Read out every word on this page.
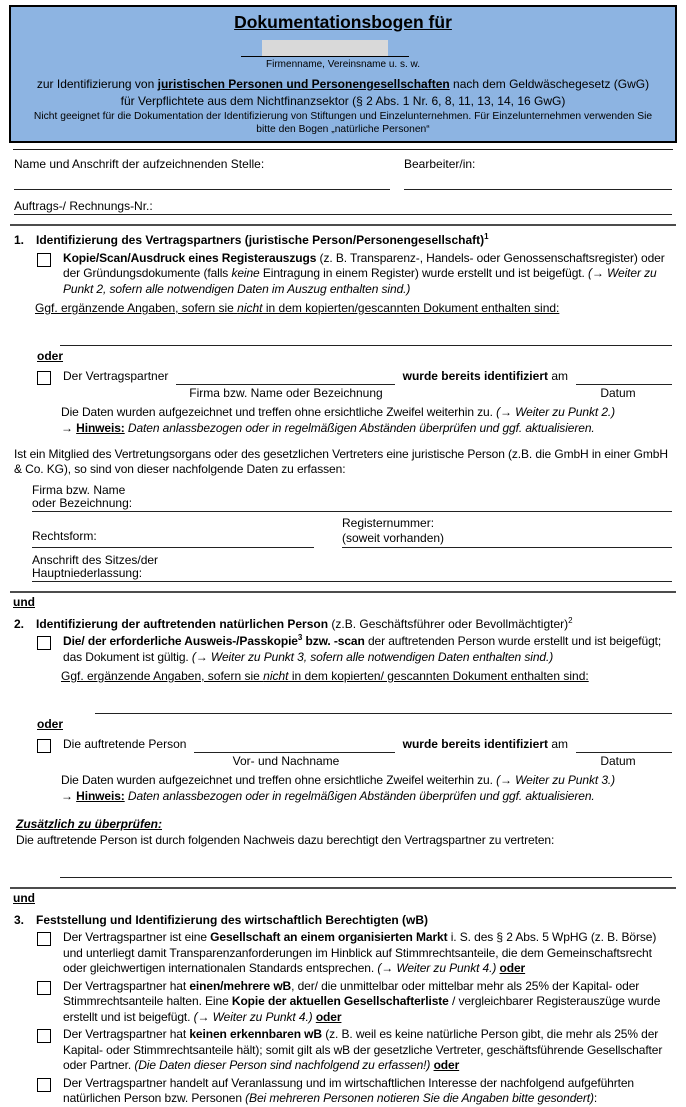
Dokumentationsbogen für
Firmenname, Vereinsname u. s. w.
zur Identifizierung von juristischen Personen und Personengesellschaften nach dem Geldwäschegesetz (GwG)
für Verpflichtete aus dem Nichtfinanzsektor (§ 2 Abs. 1 Nr. 6, 8, 11, 13, 14, 16 GwG)
Nicht geeignet für die Dokumentation der Identifizierung von Stiftungen und Einzelunternehmen. Für Einzelunternehmen verwenden Sie bitte den Bogen „natürliche Personen“
Name und Anschrift der aufzeichnenden Stelle:	Bearbeiter/in:
Auftrags-/ Rechnungs-Nr.:
1. Identifizierung des Vertragspartners (juristische Person/Personengesellschaft)$^1$
Kopie/Scan/Ausdruck eines Registerauszugs (z. B. Transparenz-, Handels- oder Genossenschaftsregister) oder der Gründungsdokumente (falls keine Eintragung in einem Register) wurde erstellt und ist beigefügt. (→ Weiter zu Punkt 2, sofern alle notwendigen Daten im Auszug enthalten sind.)
Ggf. ergänzende Angaben, sofern sie nicht in dem kopierten/gescannten Dokument enthalten sind:
oder
Der Vertragspartner	wurde bereits identifiziert am
Firma bzw. Name oder Bezeichnung	Datum
Die Daten wurden aufgezeichnet und treffen ohne ersichtliche Zweifel weiterhin zu. (→ Weiter zu Punkt 2.)
→ Hinweis: Daten anlassbezogen oder in regelmäßigen Abständen überprüfen und ggf. aktualisieren.
Ist ein Mitglied des Vertretungsorgans oder des gesetzlichen Vertreters eine juristische Person (z.B. die GmbH in einer GmbH & Co. KG), so sind von dieser nachfolgende Daten zu erfassen:
Firma bzw. Name
oder Bezeichnung:
Rechtsform:
Registernummer:
(soweit vorhanden)
Anschrift des Sitzes/der
Hauptniederlassung:
und
2. Identifizierung der auftretenden natürlichen Person (z.B. Geschäftsführer oder Bevollmächtigter)$^2$
Die/ der erforderliche Ausweis-/Passkopie$^3$ bzw. -scan der auftretenden Person wurde erstellt und ist beigefügt; das Dokument ist gültig. (→ Weiter zu Punkt 3, sofern alle notwendigen Daten enthalten sind.)
Ggf. ergänzende Angaben, sofern sie nicht in dem kopierten/ gescannten Dokument enthalten sind:
oder
Die auftretende Person	wurde bereits identifiziert am
Vor- und Nachname	Datum
Die Daten wurden aufgezeichnet und treffen ohne ersichtliche Zweifel weiterhin zu. (→ Weiter zu Punkt 3.)
→ Hinweis: Daten anlassbezogen oder in regelmäßigen Abständen überprüfen und ggf. aktualisieren.
Zusätzlich zu überprüfen:
Die auftretende Person ist durch folgenden Nachweis dazu berechtigt den Vertragspartner zu vertreten:
und
3. Feststellung und Identifizierung des wirtschaftlich Berechtigten (wB)
Der Vertragspartner ist eine Gesellschaft an einem organisierten Markt i. S. des § 2 Abs. 5 WpHG (z. B. Börse) und unterliegt damit Transparenzanforderungen im Hinblick auf Stimmrechtsanteile, die dem Gemeinschaftsrecht oder gleichwertigen internationalen Standards entsprechen. (→ Weiter zu Punkt 4.) oder
Der Vertragspartner hat einen/mehrere wB, der/ die unmittelbar oder mittelbar mehr als 25% der Kapital- oder Stimmrechtsanteile halten. Eine Kopie der aktuellen Gesellschafterliste / vergleichbarer Registerauszüge wurde erstellt und ist beigefügt. (→ Weiter zu Punkt 4.) oder
Der Vertragspartner hat keinen erkennbaren wB (z. B. weil es keine natürliche Person gibt, die mehr als 25% der Kapital- oder Stimmrechtsanteile hält); somit gilt als wB der gesetzliche Vertreter, geschäftsführende Gesellschafter oder Partner. (Die Daten dieser Person sind nachfolgend zu erfassen!) oder
Der Vertragspartner handelt auf Veranlassung und im wirtschaftlichen Interesse der nachfolgend aufgeführten natürlichen Person bzw. Personen (Bei mehreren Personen notieren Sie die Angaben bitte gesondert):
